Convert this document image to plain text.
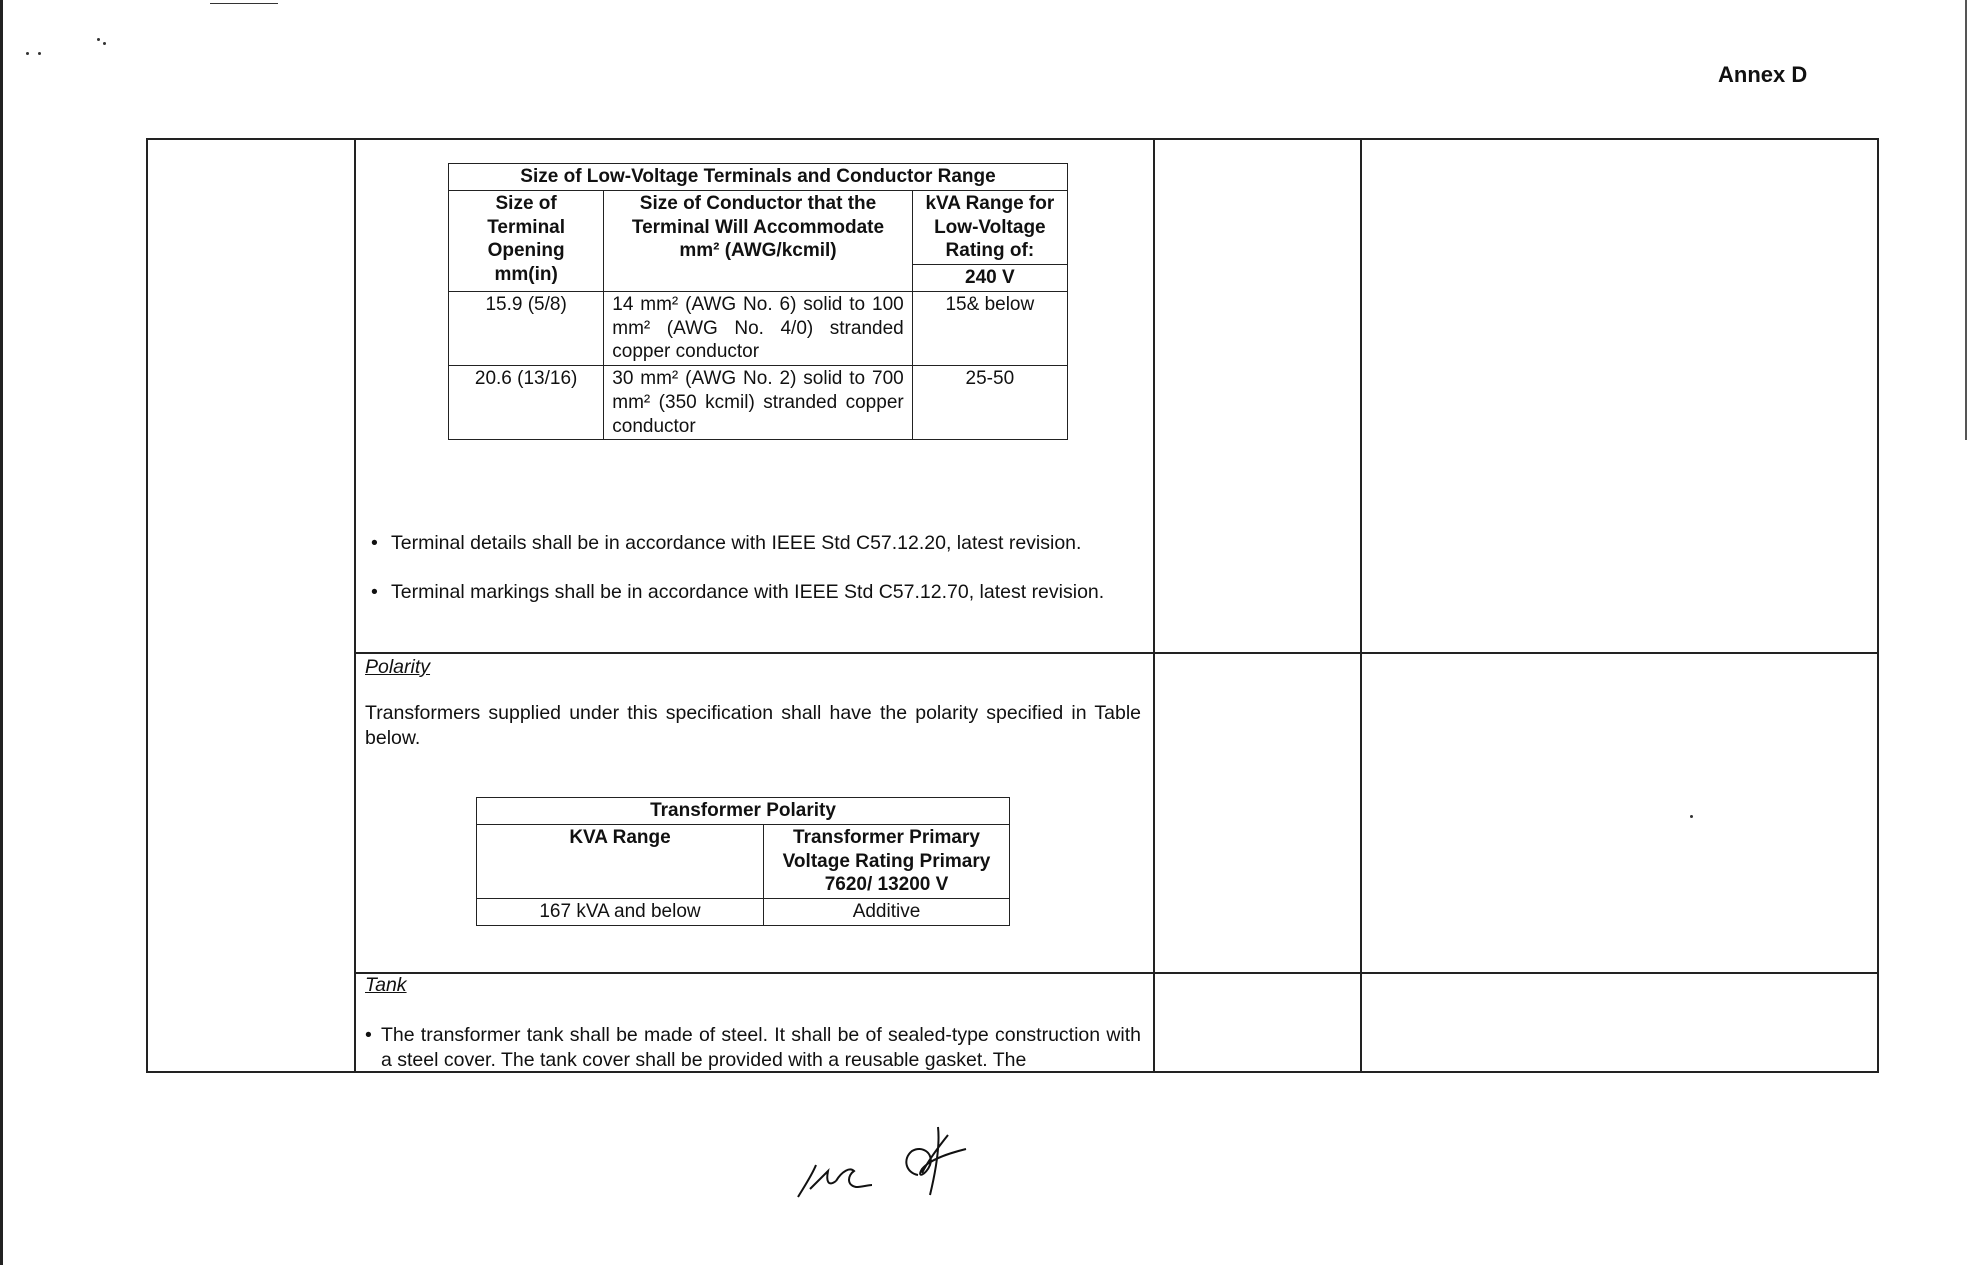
Annex D
Size of Low-Voltage Terminals and Conductor Range		
Size of Terminal Opening mm(in)	Size of Conductor that the Terminal Will Accommodate mm² (AWG/kcmil)	kVA Range for Low-Voltage Rating of:
		240 V
15.9 (5/8)	14 mm² (AWG No. 6) solid to 100 mm² (AWG No. 4/0) stranded copper conductor	15& below
20.6 (13/16)	30 mm² (AWG No. 2) solid to 700 mm² (350 kcmil) stranded copper conductor	25-50
• Terminal details shall be in accordance with IEEE Std C57.12.20, latest revision.
• Terminal markings shall be in accordance with IEEE Std C57.12.70, latest revision.
Polarity
Transformers supplied under this specification shall have the polarity specified in Table below.
Transformer Polarity	
KVA Range	Transformer Primary Voltage Rating Primary 7620/ 13200 V
167 kVA and below	Additive
Tank
• The transformer tank shall be made of steel. It shall be of sealed-type construction with a steel cover. The tank cover shall be provided with a reusable gasket. The
